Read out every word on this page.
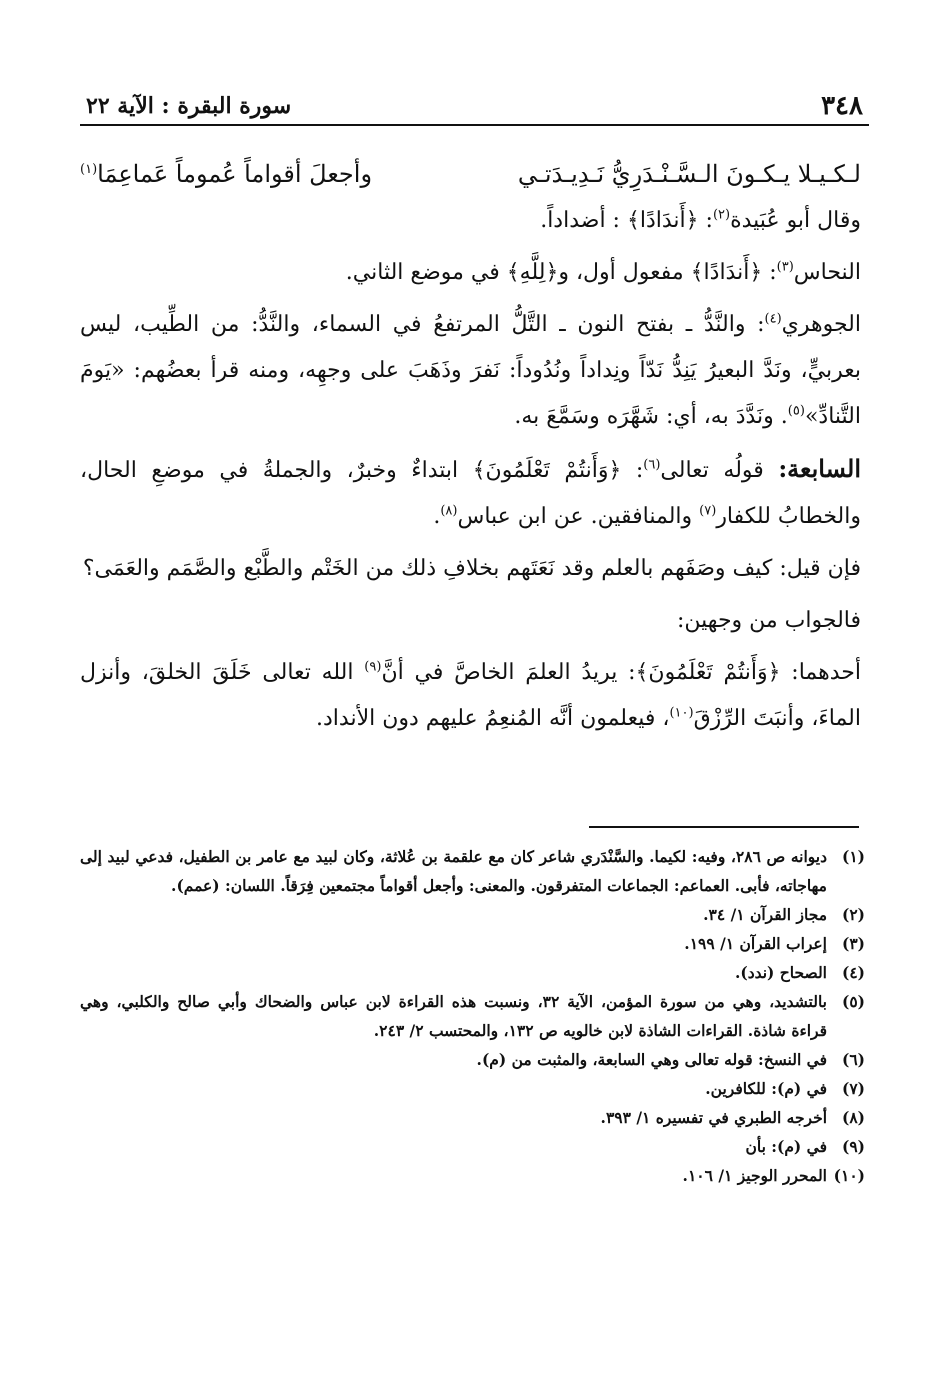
٣٤٨
سورة البقرة : الآية ٢٢
لـكـيـلا يـكـونَ الـسَّـنْـدَرِيُّ نَـدِيـدَتـي
وأجعلَ أقواماً عُموماً عَماعِمَا$^{(١)}$

وقال أبو عُبَيدة$^{(٢)}$: ﴿أَندَادًا﴾ : أضداداً.

النحاس$^{(٣)}$: ﴿أَندَادًا﴾ مفعول أول، و﴿لِلَّهِ﴾ في موضع الثاني.

الجوهري$^{(٤)}$: والنَّدُّ ـ بفتح النون ـ التَّلُّ المرتفعُ في السماء، والنَّدُّ: من الطِّيب، ليس بعربيٍّ، ونَدَّ البعيرُ يَنِدُّ نَدّاً ونِداداً ونُدُوداً: نَفرَ وذَهَبَ على وجهِه، ومنه قرأ بعضُهم: «يَومَ التَّنادِّ»$^{(٥)}$. ونَدَّدَ به، أي: شَهَّرَه وسَمَّعَ به.

السابعة: قولُه تعالى$^{(٦)}$: ﴿وَأَنتُمْ تَعْلَمُونَ﴾ ابتداءٌ وخبرٌ، والجملةُ في موضعِ الحال، والخطابُ للكفار$^{(٧)}$ والمنافقين. عن ابن عباس$^{(٨)}$.

فإن قيل: كيف وصَفَهم بالعلم وقد نَعَتَهم بخلافِ ذلك من الخَتْم والطَّبْع والصَّمَم والعَمَى؟

فالجواب من وجهين:

أحدهما: ﴿وَأَنتُمْ تَعْلَمُونَ﴾: يريدُ العلمَ الخاصَّ في أنَّ$^{(٩)}$ الله تعالى خَلَقَ الخلقَ، وأنزل الماءَ، وأنبَتَ الرِّزْقَ$^{(١٠)}$، فيعلمون أنَّه المُنعِمُ عليهم دون الأنداد.

(١)
ديوانه ص ٢٨٦، وفيه: لكيما. والسَّنْدَري شاعر كان مع علقمة بن عُلاثة، وكان لبيد مع عامر بن الطفيل، فدعي لبيد إلى مهاجاته، فأبى. العماعم: الجماعات المتفرقون. والمعنى: وأجعل أقواماً مجتمعين فِرَقاً. اللسان: (عمم).

(٢)
مجاز القرآن ١/ ٣٤.

(٣)
إعراب القرآن ١/ ١٩٩.

(٤)
الصحاح (ندد).

(٥)
بالتشديد، وهي من سورة المؤمن، الآية ٣٢، ونسبت هذه القراءة لابن عباس والضحاك وأبي صالح والكلبي، وهي قراءة شاذة. القراءات الشاذة لابن خالويه ص ١٣٢، والمحتسب ٢/ ٢٤٣.

(٦)
في النسخ: قوله تعالى وهي السابعة، والمثبت من (م).

(٧)
في (م): للكافرين.

(٨)
أخرجه الطبري في تفسيره ١/ ٣٩٣.

(٩)
في (م): بأن

(١٠)
المحرر الوجيز ١/ ١٠٦.
